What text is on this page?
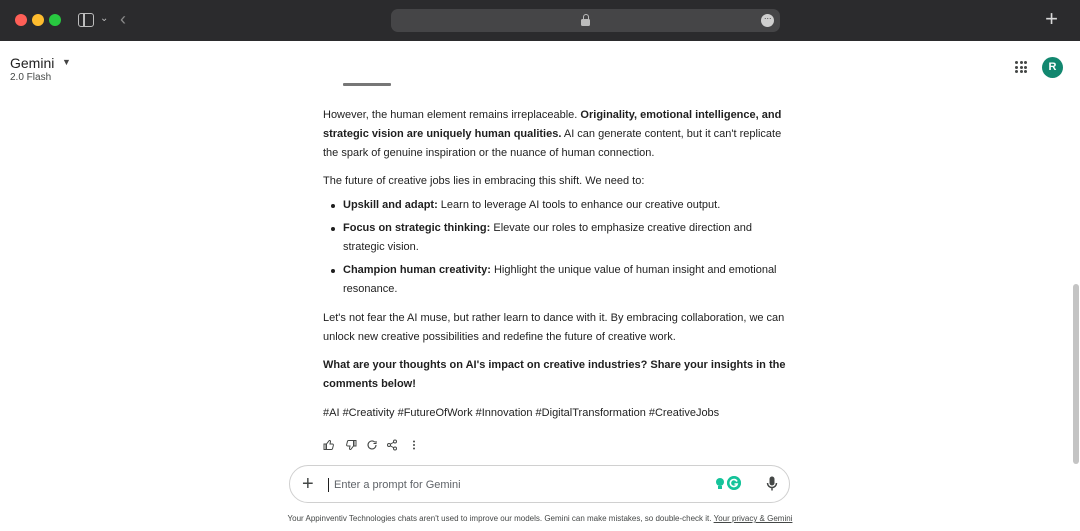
⌄ ‹	···	+
Gemini ▼
2.0 Flash
R
However, the human element remains irreplaceable. Originality, emotional intelligence, and strategic vision are uniquely human qualities. AI can generate content, but it can't replicate the spark of genuine inspiration or the nuance of human connection.
The future of creative jobs lies in embracing this shift. We need to:
Upskill and adapt: Learn to leverage AI tools to enhance our creative output.
Focus on strategic thinking: Elevate our roles to emphasize creative direction and strategic vision.
Champion human creativity: Highlight the unique value of human insight and emotional resonance.
Let's not fear the AI muse, but rather learn to dance with it. By embracing collaboration, we can unlock new creative possibilities and redefine the future of creative work.
What are your thoughts on AI's impact on creative industries? Share your insights in the comments below!
#AI #Creativity #FutureOfWork #Innovation #DigitalTransformation #CreativeJobs
+
Enter a prompt for Gemini
Your Appinventiv Technologies chats aren't used to improve our models. Gemini can make mistakes, so double-check it. Your privacy & Gemini
